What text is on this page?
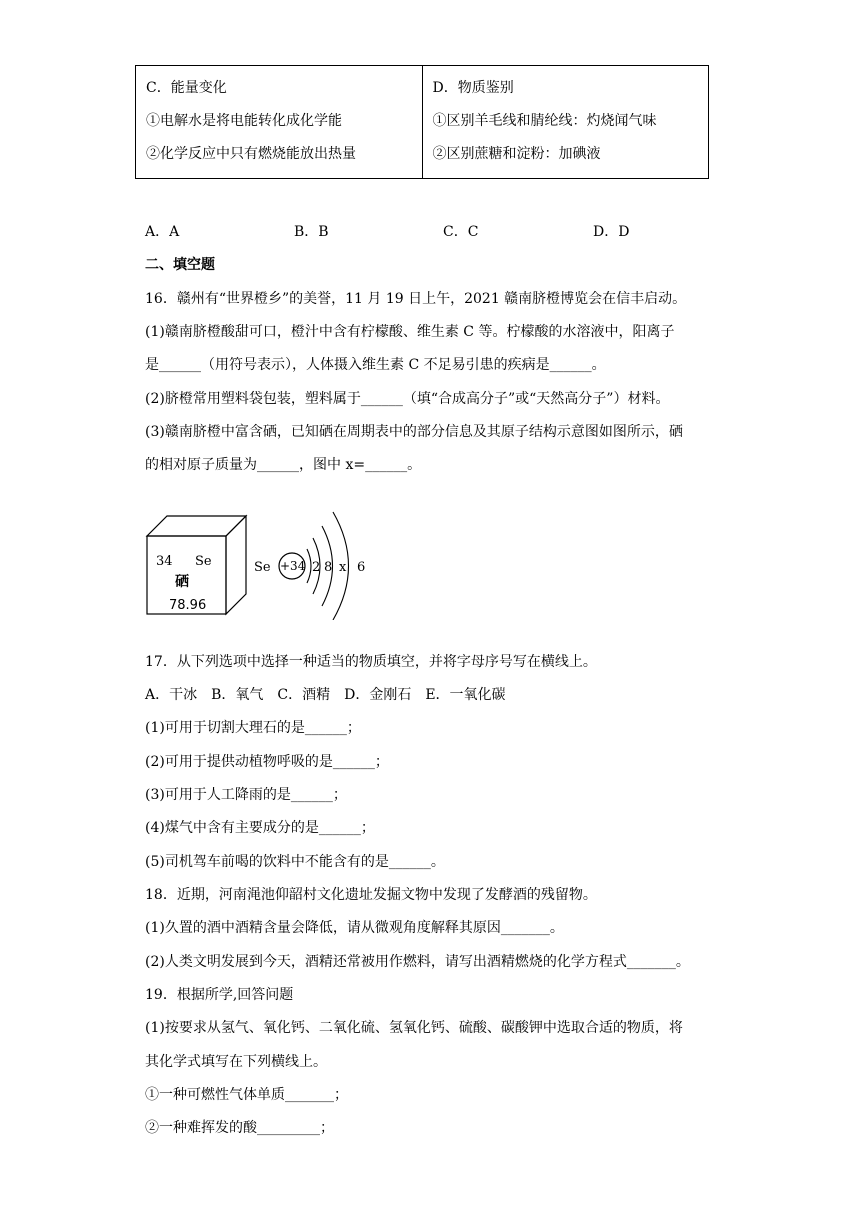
C．能量变化
①电解水是将电能转化成化学能
②化学反应中只有燃烧能放出热量

D．物质鉴别
①区别羊毛线和腈纶线：灼烧闻气味
②区别蔗糖和淀粉：加碘液
A．A	B．B	C．C	D．D
二、填空题
16．赣州有“世界橙乡”的美誉，11 月 19 日上午，2021 赣南脐橙博览会在信丰启动。
(1)赣南脐橙酸甜可口，橙汁中含有柠檬酸、维生素 C 等。柠檬酸的水溶液中，阳离子
是______（用符号表示），人体摄入维生素 C 不足易引患的疾病是______。
(2)脐橙常用塑料袋包装，塑料属于______（填“合成高分子”或“天然高分子”）材料。
(3)赣南脐橙中富含硒，已知硒在周期表中的部分信息及其原子结构示意图如图所示，硒
的相对原子质量为______，图中 x=______。
34 Se
硒
78.96
Se +34 2 8 x 6
17．从下列选项中选择一种适当的物质填空，并将字母序号写在横线上。
A．干冰　B．氧气　C．酒精　D．金刚石　E．一氧化碳
(1)可用于切割大理石的是______；
(2)可用于提供动植物呼吸的是______；
(3)可用于人工降雨的是______；
(4)煤气中含有主要成分的是______；
(5)司机驾车前喝的饮料中不能含有的是______。
18．近期，河南渑池仰韶村文化遗址发掘文物中发现了发酵酒的残留物。
(1)久置的酒中酒精含量会降低，请从微观角度解释其原因_______。
(2)人类文明发展到今天，酒精还常被用作燃料，请写出酒精燃烧的化学方程式_______。
19．根据所学,回答问题
(1)按要求从氢气、氧化钙、二氧化硫、氢氧化钙、硫酸、碳酸钾中选取合适的物质，将
其化学式填写在下列横线上。
①一种可燃性气体单质_______；
②一种难挥发的酸_________；
